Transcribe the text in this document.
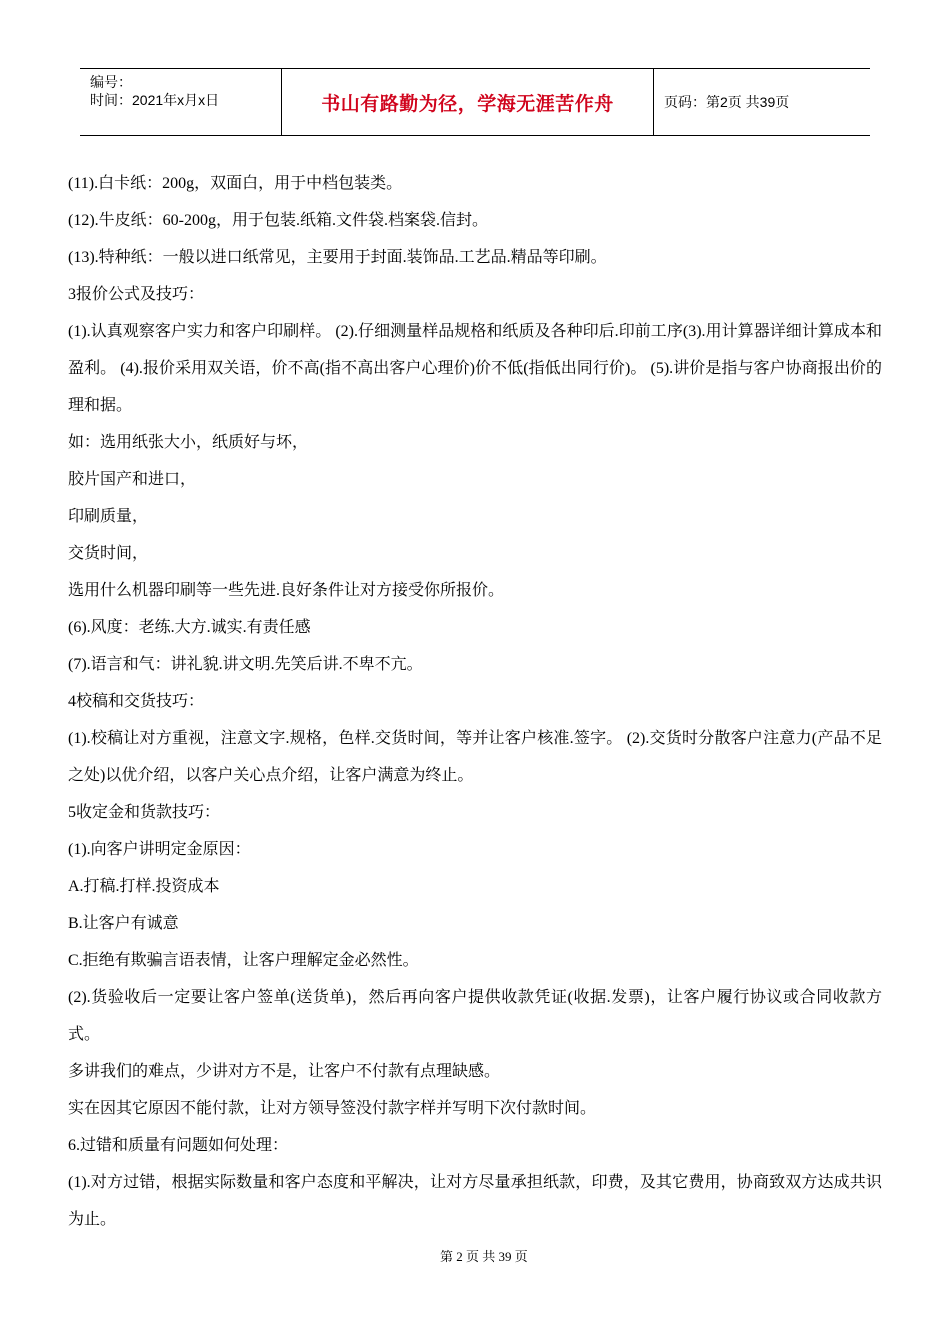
编号：
时间：2021年x月x日	书山有路勤为径，学海无涯苦作舟	页码：第2页 共39页

(11).白卡纸：200g，双面白，用于中档包装类。

(12).牛皮纸：60-200g，用于包装.纸箱.文件袋.档案袋.信封。

(13).特种纸：一般以进口纸常见，主要用于封面.装饰品.工艺品.精品等印刷。

3报价公式及技巧：

(1).认真观察客户实力和客户印刷样。 (2).仔细测量样品规格和纸质及各种印后.印前工序(3).用计算器详细计算成本和盈利。 (4).报价采用双关语，价不高(指不高出客户心理价)价不低(指低出同行价)。 (5).讲价是指与客户协商报出价的理和据。

如：选用纸张大小，纸质好与坏，

胶片国产和进口，

印刷质量，

交货时间，

选用什么机器印刷等一些先进.良好条件让对方接受你所报价。

(6).风度：老练.大方.诚实.有责任感

(7).语言和气：讲礼貌.讲文明.先笑后讲.不卑不亢。

4校稿和交货技巧：

(1).校稿让对方重视，注意文字.规格，色样.交货时间，等并让客户核准.签字。 (2).交货时分散客户注意力(产品不足之处)以优介绍，以客户关心点介绍，让客户满意为终止。

5收定金和货款技巧：

(1).向客户讲明定金原因：

A.打稿.打样.投资成本

B.让客户有诚意

C.拒绝有欺骗言语表情，让客户理解定金必然性。

(2).货验收后一定要让客户签单(送货单)，然后再向客户提供收款凭证(收据.发票)，让客户履行协议或合同收款方式。

多讲我们的难点，少讲对方不是，让客户不付款有点理缺感。

实在因其它原因不能付款，让对方领导签没付款字样并写明下次付款时间。

6.过错和质量有问题如何处理：

(1).对方过错，根据实际数量和客户态度和平解决，让对方尽量承担纸款，印费，及其它费用，协商致双方达成共识为止。

第 2 页 共 39 页
